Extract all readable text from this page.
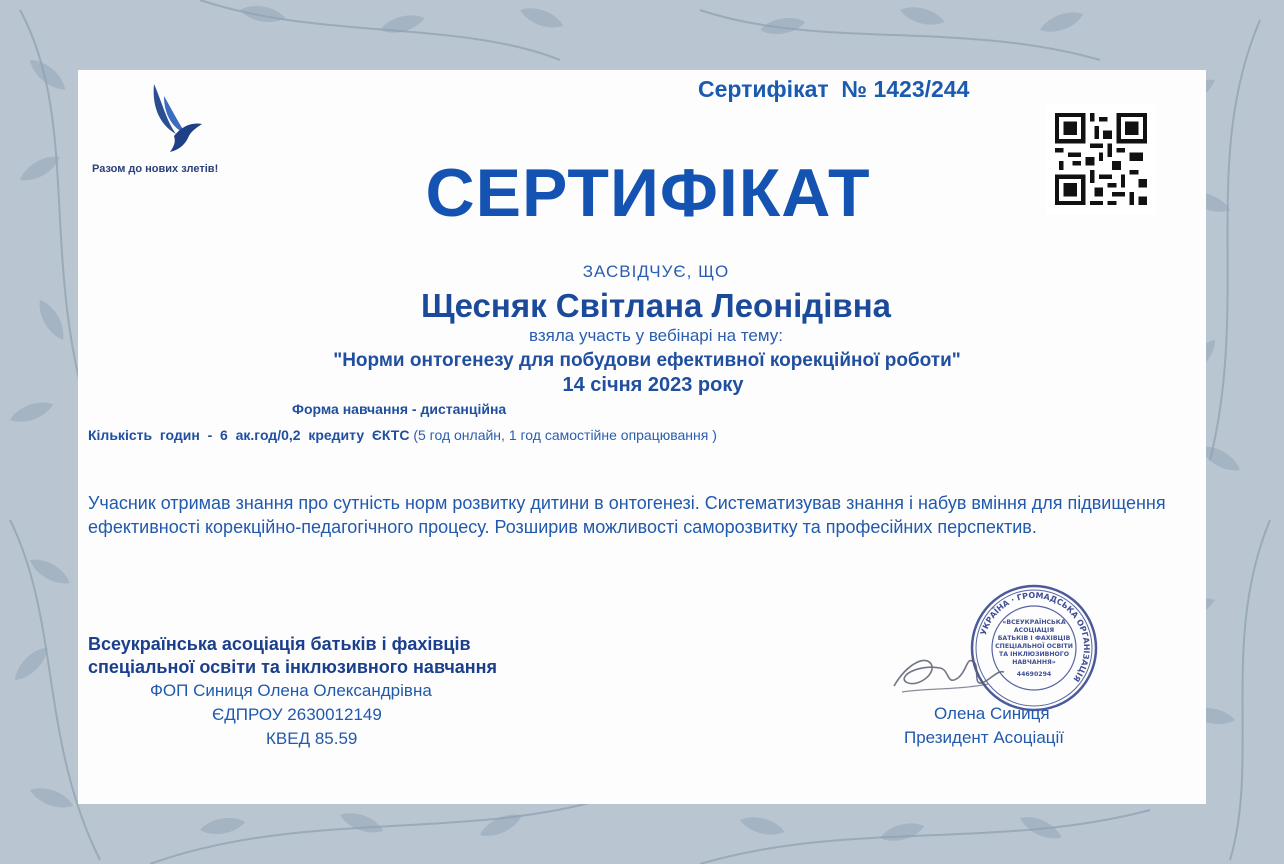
Разом до нових злетів!
Сертифікат  № 1423/244
СЕРТИФІКАТ
ЗАСВІДЧУЄ, ЩО
Щесняк Світлана Леонідівна
взяла участь у вебінарі на тему:
"Норми онтогенезу для побудови ефективної корекційної роботи"
14 січня 2023 року
Форма навчання - дистанційна
Кількість  годин  -  6  ак.год/0,2  кредиту  ЄКТС (5 год онлайн, 1 год самостійне опрацювання )
Учасник отримав знання про сутність норм розвитку дитини в онтогенезі. Систематизував знання і набув вміння для підвищення ефективності корекційно-педагогічного процесу. Розширив можливості саморозвитку та професійних перспектив.
Всеукраїнська асоціація батьків і фахівців
спеціальної освіти та інклюзивного навчання
ФОП Синиця Олена Олександрівна
ЄДПРОУ 2630012149
КВЕД 85.59
УКРАЇНА · ГРОМАДСЬКА ОРГАНІЗАЦІЯ
«ВСЕУКРАЇНСЬКА
АСОЦІАЦІЯ
БАТЬКІВ І ФАХІВЦІВ
СПЕЦІАЛЬНОЇ ОСВІТИ
ТА ІНКЛЮЗИВНОГО
НАВЧАННЯ»
44690294
Олена Синиця
Президент Асоціації
